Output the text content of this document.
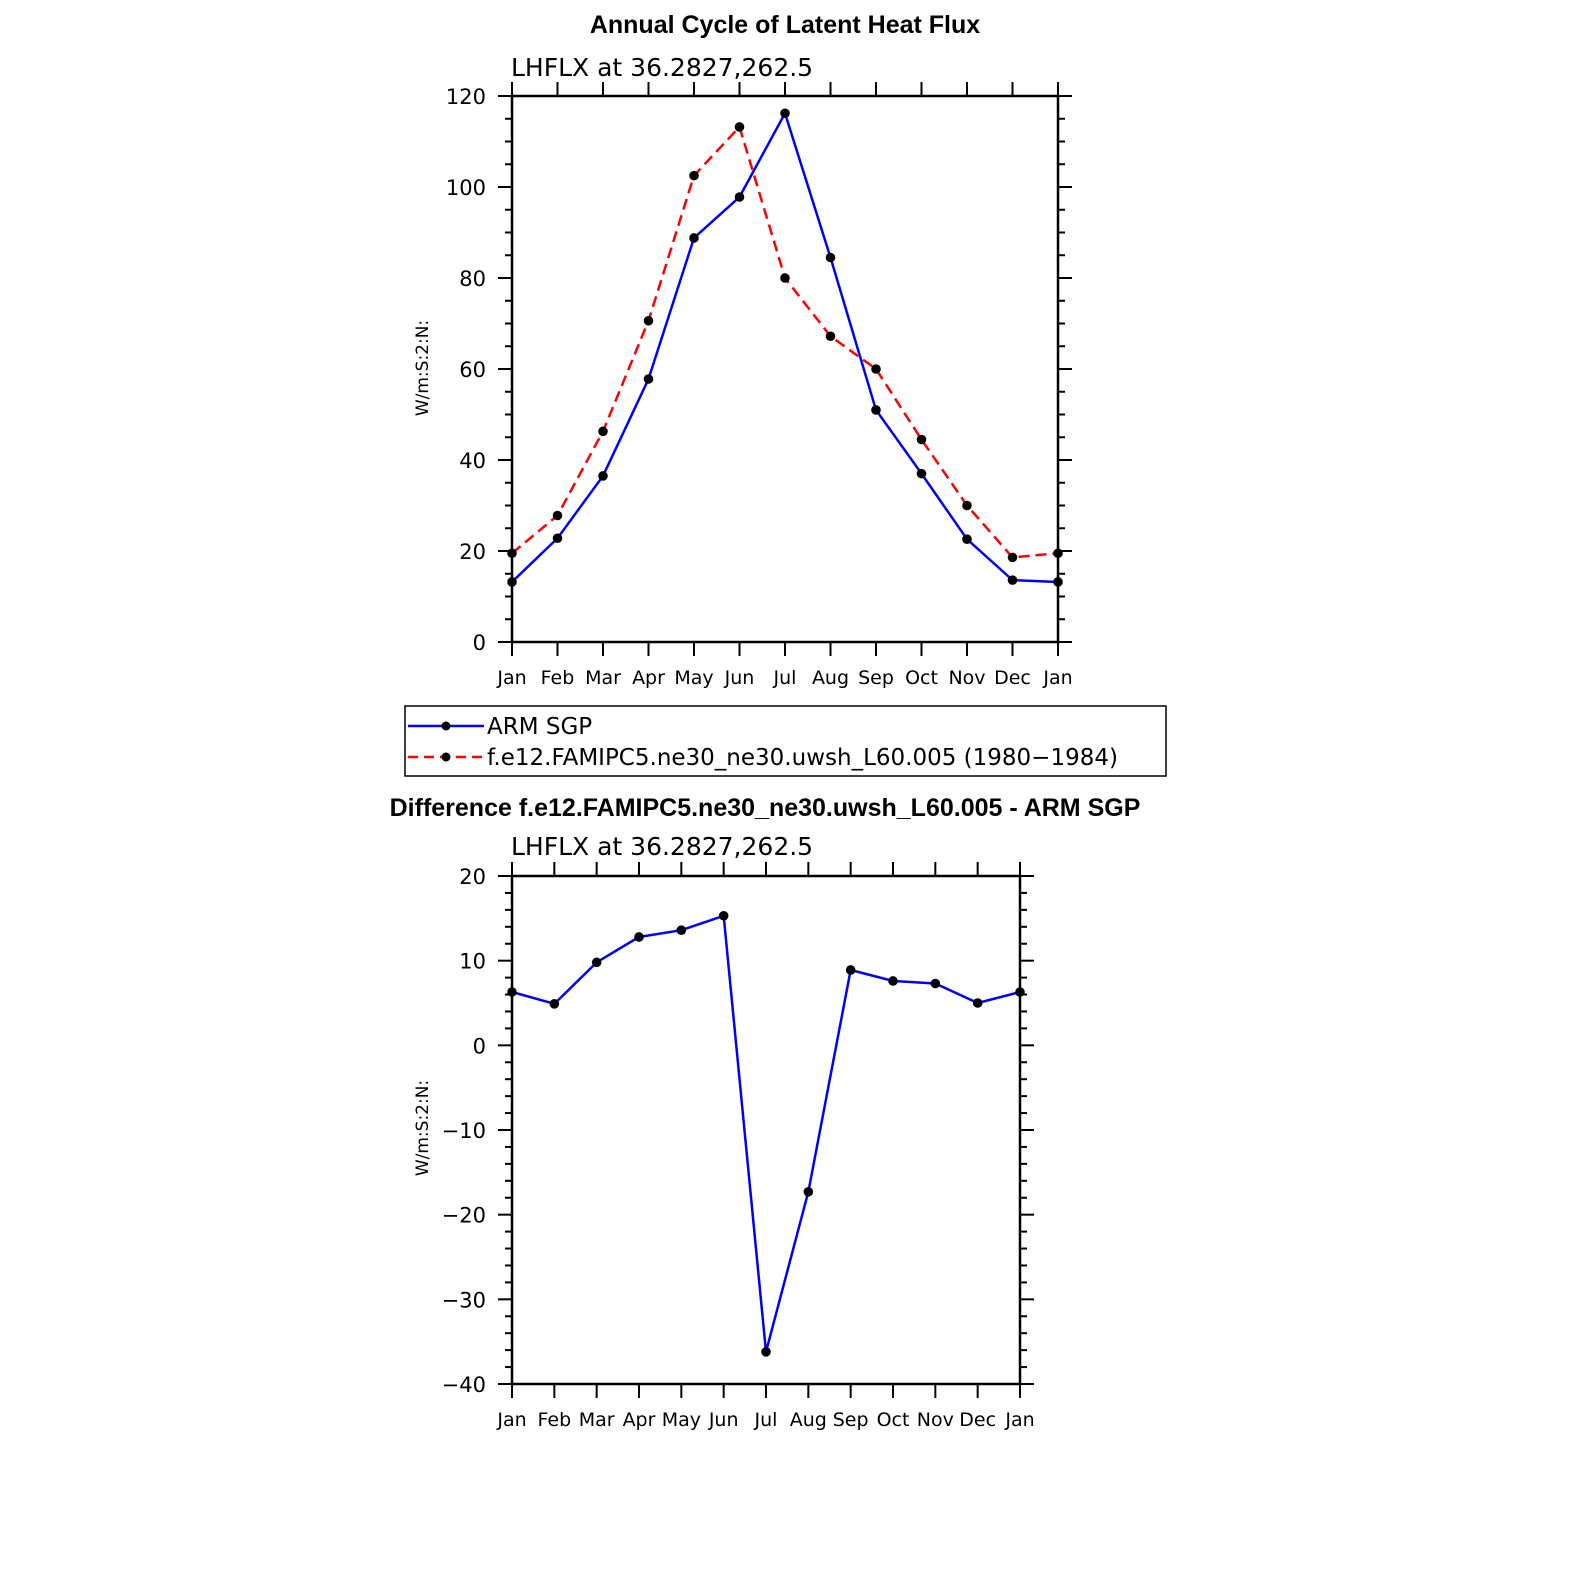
Annual Cycle of Latent Heat Flux
LHFLX at 36.2827,262.5
0
20
40
60
80
100
120
Jan Feb Mar Apr May Jun Jul Aug Sep Oct Nov Dec Jan
W/m:S:2:N:
ARM SGP
f.e12.FAMIPC5.ne30_ne30.uwsh_L60.005 (1980−1984)
Difference f.e12.FAMIPC5.ne30_ne30.uwsh_L60.005 - ARM SGP
LHFLX at 36.2827,262.5
−40
−30
−20
−10
0
10
20
Jan Feb Mar Apr May Jun Jul Aug Sep Oct Nov Dec Jan
W/m:S:2:N:
